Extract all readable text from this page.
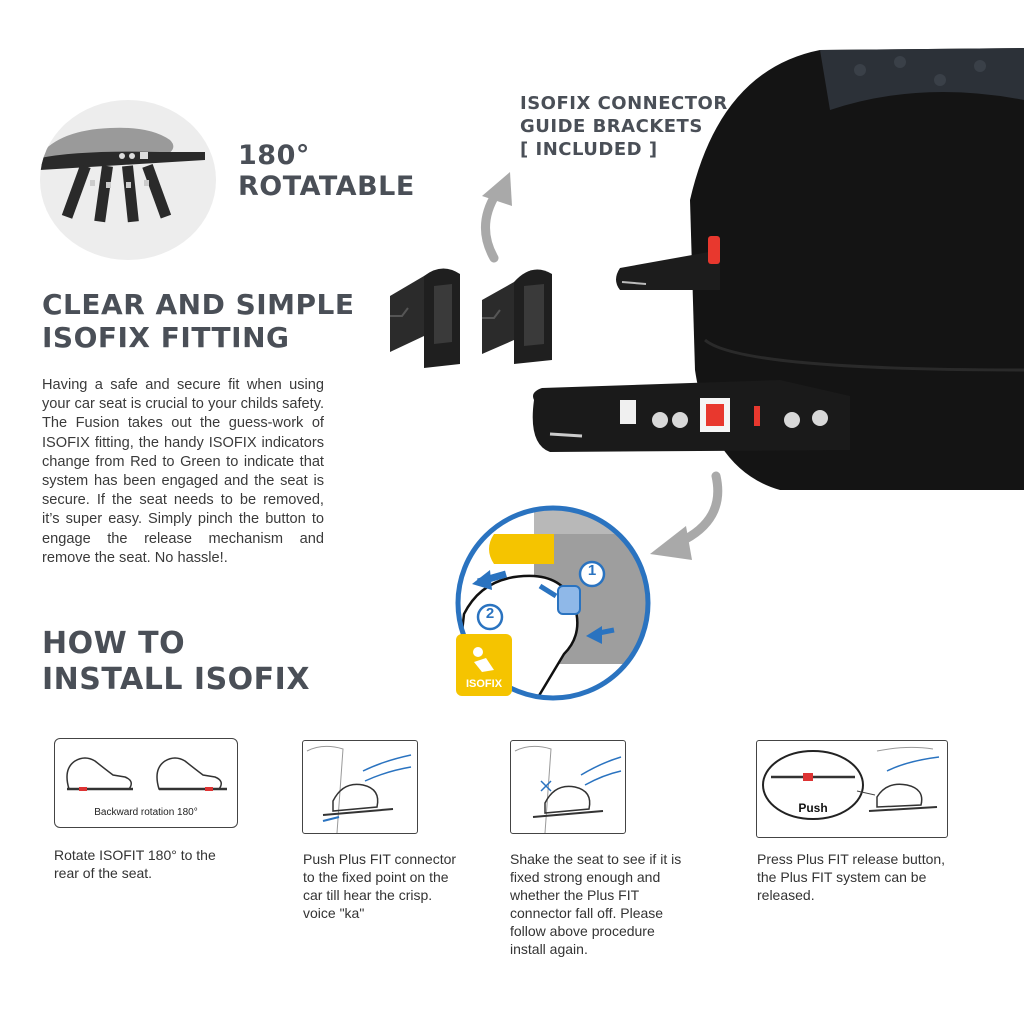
180°
ROTATABLE
CLEAR AND SIMPLE
ISOFIX FITTING
Having a safe and secure fit when using your car seat is crucial to your childs safety. The Fusion takes out the guess-work of ISOFIX fitting, the handy ISOFIX indicators change from Red to Green to indicate that system has been engaged and the seat is secure. If the seat needs to be removed, it’s super easy. Simply pinch the button to engage the release mechanism and remove the seat. No hassle!.
HOW TO
INSTALL ISOFIX
ISOFIX CONNECTOR
GUIDE BRACKETS
[ INCLUDED ]
1
2
ISOFIX
Backward rotation 180°
Rotate ISOFIT 180° to the rear of the seat.
Push Plus FIT connector to the fixed point on the car till hear the crisp. voice "ka"
Shake the seat to see if it is fixed strong enough and whether the Plus FIT connector fall off. Please follow above procedure install again.
Push
Press Plus FIT release button, the Plus FIT system can be released.
